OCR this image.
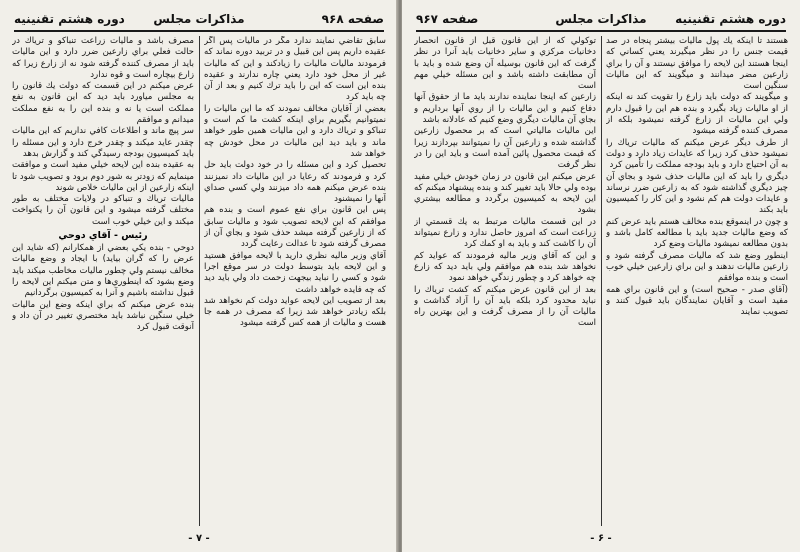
صفحه ۹۶۸
مذاكرات مجلس
دوره هشتم تقنينيه

سابق تقاضي نمايند ندارد مگر در ماليات پس اگر عقيده داريم پس اين قبيل و در تربيد دوره نماند كه فرمودند ماليات ماليات را زيادكند و اين كه ماليات غير از محل خود دارد يعني چاره ندارند و عقيده بنده اين است كه اين را بايد ترك كنيم و بعد از آن چه بايد كرد

بعضي از آقايان مخالف نمودند كه ما اين ماليات را نميتوانيم بگيريم براي اينكه كشت ما كم است و تنباكو و ترياك دارد و اين ماليات همين طور خواهد ماند و بايد ديد اين ماليات در محل خودش چه خواهد شد

تحصيل كرد و اين مسئله را در خود دولت بايد حل كرد و فرمودند كه رعايا در اين ماليات داد نميزنند بنده عرض ميكنم همه داد ميزنند ولي كسي صداي آنها را نميشنود

پس اين قانون براي نفع عموم است و بنده هم موافقم كه اين لايحه تصويب شود و ماليات سابق كه از زارعين گرفته ميشد حذف شود و بجاي آن از مصرف گرفته شود تا عدالت رعايت گردد

آقاي وزير ماليه نظري داريد با لايحه موافق هستيد و اين لايحه بايد بتوسط دولت در سر موقع اجرا شود و كسي را نبايد بيجهت زحمت داد ولي بايد ديد كه چه فايده خواهد داشت

بعد از تصويب اين لايحه عوايد دولت كم نخواهد شد بلكه زيادتر خواهد شد زيرا كه مصرف در همه جا هست و ماليات از همه كس گرفته ميشود

مصرف باشد و ماليات زراعت تنباكو و ترياك در حالت فعلي براي زارعين ضرر دارد و اين ماليات بايد از مصرف كننده گرفته شود نه از زارع زيرا كه زارع بيچاره است و قوه ندارد

عرض ميكنم در اين قسمت كه دولت يك قانون را به مجلس مياورد بايد ديد كه اين قانون به نفع مملكت است يا نه و بنده اين را به نفع مملكت ميدانم و موافقم

سر پيچ ماند و اطلاعات كافي نداريم كه اين ماليات چقدر عايد ميكند و چقدر خرج دارد و اين مسئله را بايد كميسيون بودجه رسيدگي كند و گزارش بدهد

به عقيده بنده اين لايحه خيلي مفيد است و موافقت مينمايم كه زودتر به شور دوم برود و تصويب شود تا اينكه زارعين از اين ماليات خلاص شوند

ماليات ترياك و تنباكو در ولايات مختلف به طور مختلف گرفته ميشود و اين قانون آن را يكنواخت ميكند و اين خيلي خوب است

رئيس - آقاي دوحي

دوحي - بنده يكي بعضي از همكارانم (كه شايد اين عرض را كه گران بيايد) با ايجاد و وضع ماليات مخالف نيستم ولي چطور ماليات مخاطب ميكند بايد وضع بشود كه اينطوري‌ها و متن ميكنم اين لايحه را قبول نداشته باشيم و آنرا به كميسيون برگردانيم

بنده عرض ميكنم كه براي اينكه وضع اين ماليات خيلي سنگين نباشد بايد مختصري تغيير در آن داد و آنوقت قبول كرد

- ۷ -
دوره هشتم تقنينيه
مذاكرات مجلس
صفحه ۹۶۷

هستند تا اينكه يك پول ماليات بيشتر پنجاه در صد قيمت جنس را در نظر ميگيرند يعني كساني كه اينجا هستند اين لايحه را موافق نيستند و آن را براي زارعين مضر ميدانند و ميگويند كه اين ماليات سنگين است

و ميگويند كه دولت بايد زارع را تقويت كند نه اينكه از او ماليات زياد بگيرد و بنده هم اين را قبول دارم ولي اين ماليات از زارع گرفته نميشود بلكه از مصرف كننده گرفته ميشود

از طرف ديگر عرض ميكنم كه ماليات ترياك را نميشود حذف كرد زيرا كه عايدات زياد دارد و دولت به آن احتياج دارد و بايد بودجه مملكت را تأمين كرد

ديگري را بايد كه اين ماليات حذف شود و بجاي آن چيز ديگري گذاشته شود كه به زارعين ضرر نرساند و عايدات دولت هم كم نشود و اين كار را كميسيون بايد بكند

و چون در اينموقع بنده مخالف هستم بايد عرض كنم كه وضع ماليات جديد بايد با مطالعه كامل باشد و بدون مطالعه نميشود ماليات وضع كرد

اينطور وضع شد كه ماليات مصرف گرفته شود و زارعين ماليات ندهند و اين براي زارعين خيلي خوب است و بنده موافقم

(آقاي صدر - صحيح است) و اين قانون براي همه مفيد است و آقايان نمايندگان بايد قبول كنند و تصويب نمايند

توكولي كه از اين قانون قبل از قانون انحصار دخانيات مركزي و ساير دخانيات بايد آنرا در نظر گرفت كه اين قانون بوسيله آن وضع شده و بايد با آن مطابقت داشته باشد و اين مسئله خيلي مهم است

زارعين كه اينجا نماينده ندارند بايد ما از حقوق آنها دفاع كنيم و اين ماليات را از روي آنها برداريم و بجاي آن ماليات ديگري وضع كنيم كه عادلانه باشد

اين ماليات مالياتي است كه بر محصول زارعين گذاشته شده و زارعين آن را نميتوانند بپردازند زيرا كه قيمت محصول پائين آمده است و بايد اين را در نظر گرفت

عرض ميكنم اين قانون در زمان خودش خيلي مفيد بوده ولي حالا بايد تغيير كند و بنده پيشنهاد ميكنم كه اين لايحه به كميسيون برگردد و مطالعه بيشتري بشود

در اين قسمت ماليات مرتبط به يك قسمتي از زراعت است كه امروز حاصل ندارد و زارع نميتواند آن را كاشت كند و بايد به او كمك كرد

و اين كه آقاي وزير ماليه فرمودند كه عوايد كم نخواهد شد بنده هم موافقم ولي بايد ديد كه زارع چه خواهد كرد و چطور زندگي خواهد نمود

بعد از اين قانون عرض ميكنم كه كشت ترياك را نبايد محدود كرد بلكه بايد آن را آزاد گذاشت و ماليات آن را از مصرف گرفت و اين بهترين راه است

- ۶ -
